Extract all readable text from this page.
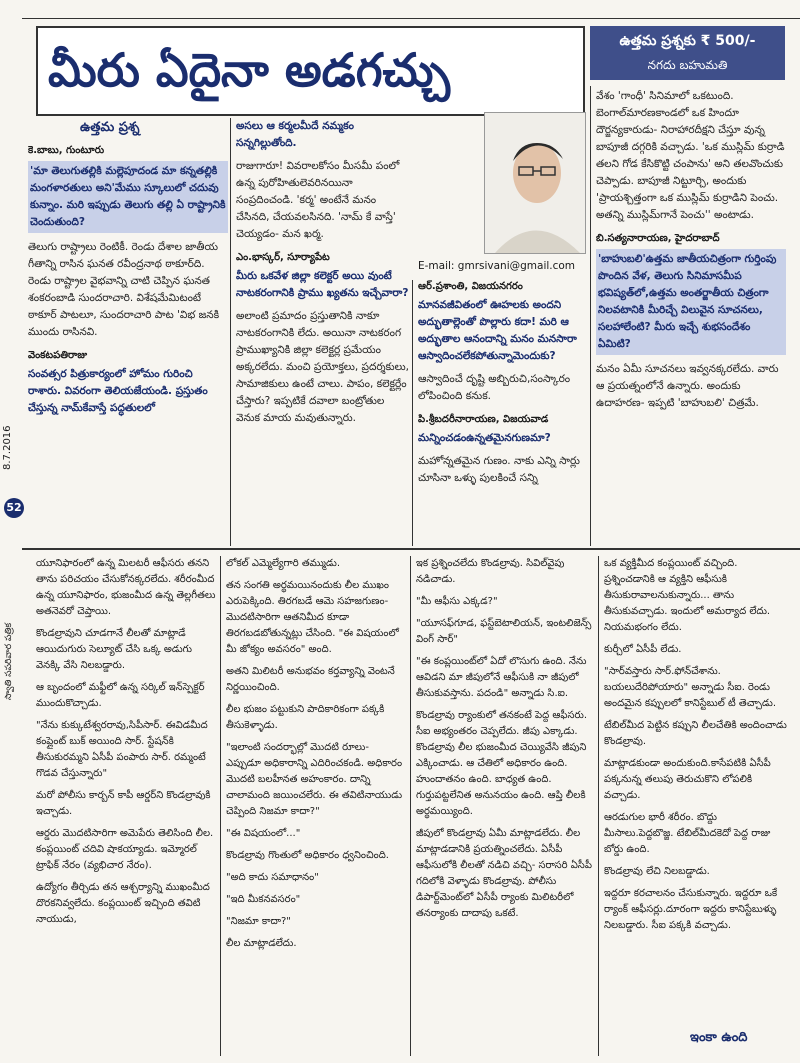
మీరు ఏదైనా అడగచ్చు
ఉత్తమ ప్రశ్నకు ₹ 500/-
నగదు బహుమతి
ఉత్తమ ప్రశ్న
కె.బాబు, గుంటూరు

'మా తెలుగుతల్లికి మల్లెపూదండ మా కన్నతల్లికి మంగళారతులు అని'మేము స్కూలులో చదువు కున్నాం. మరి ఇప్పుడు తెలుగు తల్లి ఏ రాష్ట్రానికి చెందుతుంది?

తెలుగు రాష్ట్రాలు రెంటికీ. రెండు దేశాల జాతీయ గీతాన్ని రాసిన ఘనత రవీంద్రనాథ ఠాకూర్‌ది. రెండు రాష్ట్రాల వైభవాన్ని చాటి చెప్పిన ఘనత శంకరంబాడి సుందరాచారి. విశేషమేమిటంటే ఠాకూర్‌ పాటలూ, సుందరాచారి పాట 'విభ జనకి ముందు రాసినవి.

వెంకటపతిరాజు

సంవత్సర పిత్రుకార్యంలో హోమం గురించి రాశారు. వివరంగా తెలియజేయండి. ప్రస్తుతం చేస్తున్న నామ్‌కేవాస్తే పద్ధతులలో

8.7.2016
52
స్వాతి సపరివార పత్రిక

అసలు ఆ కర్మలమీదే నమ్మకం సన్నగిల్లుతోంది.

రాజుగారూ! వివరాలకోసం మీసమీ పంలో ఉన్న పురోహితులెవరినయినా సంప్రదించండి. 'కర్మ' అంటేనే మనం చేసినది, చేయవలసినది. 'నామ్‌ కే వాస్తే' చెయ్యడం- మన ఖర్మ.

ఎం.భాస్కర్‌, సూర్యాపేట

మీరు ఒకవేళ జిల్లా కలెక్టర్‌ అయి వుంటే నాటకరంగానికి ప్రాము ఖ్యతను ఇచ్చేవారా?

అలాంటి ప్రమాదం ప్రస్తుతానికి నాకూ నాటకరంగానికి లేదు. అయినా నాటకరంగ ప్రాముఖ్యానికి జిల్లా కలెక్టర్ల ప్రమేయం అక్కరలేదు. మంచి ప్రయోక్తలు, ప్రదర్శకులు, సామాజికులు ఉంటే చాలు. పాపం, కలెక్టర్లేం చేస్తారు? ఇప్పటికే దవాలా బంట్రోతుల వెనుక మాయ మవుతున్నారు.

E-mail: gmrsivani@gmail.com
ఆర్‌.ప్రశాంతి, విజయనగరం

మానవజీవితంలో ఊహలకు అందని అద్భుతాల్లెంతో పొల్లారు కదా! మరి ఆ అద్భుతాల ఆనందాన్ని మనం మనసారా ఆస్వాదించలేకపోతున్నామెందుకు?

ఆస్వాదించే దృష్టి అబ్బిరుచి,సంస్కారం లోపించింది కనుక.

పి.శ్రీబదరీనారాయణ, విజయవాడ

మన్నించడంఉన్నతమైనగుణమా?

మహోన్నతమైన గుణం. నాకు ఎన్ని సార్లు చూసినా ఒళ్ళు పులకించే సన్ని

వేశం 'గాంధీ' సినిమాలో ఒకటుంది. బెంగాల్‌మారణకాండలో ఒక హిందూ దౌర్జన్యకారుడు- నిరాహారదీక్షని చేస్తూ వున్న బాపూజీ దగ్గరికి వచ్చాడు. 'ఒక ముస్లిమ్‌ కుర్రాడి తలని గోడ కేసికొట్టి చంపాను' అని తలవొంచుకు చెప్పాడు. బాపూజీ నిట్టూర్చి, అందుకు 'ప్రాయశ్చిత్తంగా ఒక ముస్లిమ్‌ కుర్రాడిని పెంచు. అతన్ని ముస్లిమ్‌గానే పెంచు'' అంటాడు.

బి.సత్యనారాయణ, హైదరాబాద్‌

'బాహుబలి'ఉత్తమ జాతీయచిత్రంగా గుర్తింపు పొందిన వేళ, తెలుగు సినిమాసమీప భవిష్యత్‌లో,ఉత్తమ అంతర్జాతీయ చిత్రంగా నిలవటానికి మీరిచ్చే విలువైన సూచనలు, సలహాలేంటి? మీరు ఇచ్చే శుభసందేశం ఏమిటి?

మనం ఏమీ సూచనలు ఇవ్వనక్కరలేదు. వారు ఆ ప్రయత్నంలోనే ఉన్నారు. అందుకు ఉదాహరణ- ఇప్పటి 'బాహుబలి' చిత్రమే.

యూనిఫారంలో ఉన్న మిలటరీ ఆఫీసరు తనని తాను పరిచయం చేసుకోనక్కరలేదు. శరీరంమీద ఉన్న యూనిఫారం, భుజంమీద ఉన్న తెల్లగీతలు అతనెవరో చెప్తాయి.

కొండల్రావుని చూడగానే లీలతో మాట్లాడే ఆయిదుగురు సెల్యూట్‌ చేసి ఒక్క అడుగు వెనక్కి వేసి నిలబడ్డారు.

ఆ బృందంలో మఫ్టీలో ఉన్న సర్కిల్‌ ఇన్‌స్పెక్టర్‌ ముందుకొచ్చాడు.

"నేను కుక్కుటేశ్వరరావు,సిపీసార్‌. ఈవిడమీద కంప్లైంట్‌ బుక్‌ అయింది సార్‌. స్టేషన్‌కి తీసుకురమ్మని ఏసీపీ పంపారు సార్‌. రమ్మంటే గొడవ చేస్తున్నారు"

మరో పోలీసు కార్బన్‌ కాపీ ఆర్డర్‌ని కొండల్రావుకి ఇచ్చాడు.

ఆర్డరు మొదటిసారిగా అమెపేరు తెలిసింది లీల. కంప్లయింట్‌ చదివి షాకయ్యాడు. ఇమ్మోరల్‌ ట్రాఫిక్‌ నేరం (వ్యభిచార నేరం).

ఉద్యోగం తీర్చిడు తన ఆశ్చర్యాన్ని ముఖంమీద దొరకనివ్వలేదు. కంప్లయింట్‌ ఇచ్చింది తవిటి నాయుడు,

లోకల్‌ ఎమ్మెల్యేగారి తమ్ముడు.

తన సంగతి అర్థమయినందుకు లీల ముఖం ఎరుపెక్కింది. తిరగబడే ఆమె సహజగుణం- మొదటిసారిగా ఆతనిమీద కూడా తిరగబడబోతున్నట్లు చేసింది. "ఈ విషయంలో మీ జోక్యం అవసరం" అంది.

అతని మిలిటరీ అనుభవం కర్తవ్యాన్ని వెంటనే నిర్ణయించింది.

లీల భుజం పట్టుకుని పాదికారికంగా పక్కకి తీసుకెళ్ళాడు.

"ఇలాంటి సందర్భాల్లో మొదటి రూలు- ఎప్పుడూ అధికారాన్ని ఎదిరించకండి. అధికారం మొదటి బలహీనత అహంకారం. దాన్ని చాలామంది జయించలేరు. ఈ తవిటినాయుడు చెప్పింది నిజమా కాదా?"

"ఈ విషయంలో..."

కొండల్రావు గొంతులో అధికారం ధ్వనించింది.

"అది కాదు సమాధానం"

"ఇది మీకనవసరం"

"నిజమా కాదా?"

లీల మాట్లాడలేదు.

ఇక ప్రశ్నించలేదు కొండల్రావు. సివిల్‌వైపు నడిచాడు.

"మీ ఆఫీసు ఎక్కడ?"

"యూసఫ్‌గూడ, ఫస్ట్‌బెటాలియన్‌, ఇంటలిజెన్స్‌ వింగ్‌ సార్‌"

"ఈ కంప్లయింట్‌లో ఏదో లొసుగు ఉంది. నేను ఆవిడని మా జీపులోనే ఆఫీసుకి నా జీపులో తీసుకువస్తాను. పదండి" అన్నాడు సి.ఐ.

కొండల్రావు ర్యాంకులో తనకంటే పెద్ద ఆఫీసరు. సీఐ అభ్యంతరం చెప్పలేదు. జీపు ఎక్కాడు. కొండల్రావు లీల భుజంమీద చెయ్యివేసి జీపుని ఎక్కించాడు. ఆ చేతిలో అధికారం ఉంది. హుందాతనం ఉంది. బాధ్యత ఉంది. గుర్తుపట్టలేనిత అనునయం ఉంది. ఆప్తి లీలకి అర్థమయ్యింది.

జీపులో కొండల్రావు ఏమీ మాట్లాడలేదు. లీల మాట్లాడడానికి ప్రయత్నించలేదు. ఏసీపీ ఆఫీసులోకి లీలతో నడిచి వచ్చి- సరాసరి ఏసీపీ గదిలోకి వెళ్ళాడు కొండల్రావు. పోలీసు డిపార్ట్‌మెంట్‌లో ఏసీపీ ర్యాంకు మిలిటరీలో తనర్యాంకు దాదాపు ఒకటే.

ఒక వ్యక్తిమీద కంప్లయింట్‌ వచ్చింది. ప్రశ్నించడానికి ఆ వ్యక్తిని ఆఫీసుకి తీసుకురావాలనుకున్నారు... తాను తీసుకువచ్చాడు. ఇందులో అమర్యాద లేదు. నియమభంగం లేదు.

కుర్చీలో ఏసీపీ లేడు.

"సార్‌వస్తారు సార్‌.ఫోన్‌చేశాను. బయలుదేరిపోయారు" అన్నాడు సీఐ. రెండు అందమైన కప్పులలో కానిస్టేబుల్‌ టీ తెచ్చాడు.

టేబిల్‌మీద పెట్టిన కప్పుని లీలచేతికి అందించాడు కొండల్రావు.

మాట్లాడకుండా అందుకుంది.కాసేపటికి ఏసీపీ పక్కనున్న తలుపు తెరుచుకొని లోపలికి వచ్చాడు.

ఆరడుగుల భారీ శరీరం. బొద్దు మీసాలు.పెద్దబొజ్జ. టేబిల్‌మీదకెదో పెద్ద రాజు బోర్డు ఉంది.

కొండల్రావు లేచి నిలబడ్డాడు.

ఇద్దరూ కరచాలనం చేసుకున్నారు. ఇద్దరూ ఒకే ర్యాంక్‌ ఆఫీసర్లు.దూరంగా ఇద్దరు కానిస్టేబుళ్ళు నిలబడ్డారు. సీఐ పక్కకి వచ్చాడు.

ఇంకా ఉంది
